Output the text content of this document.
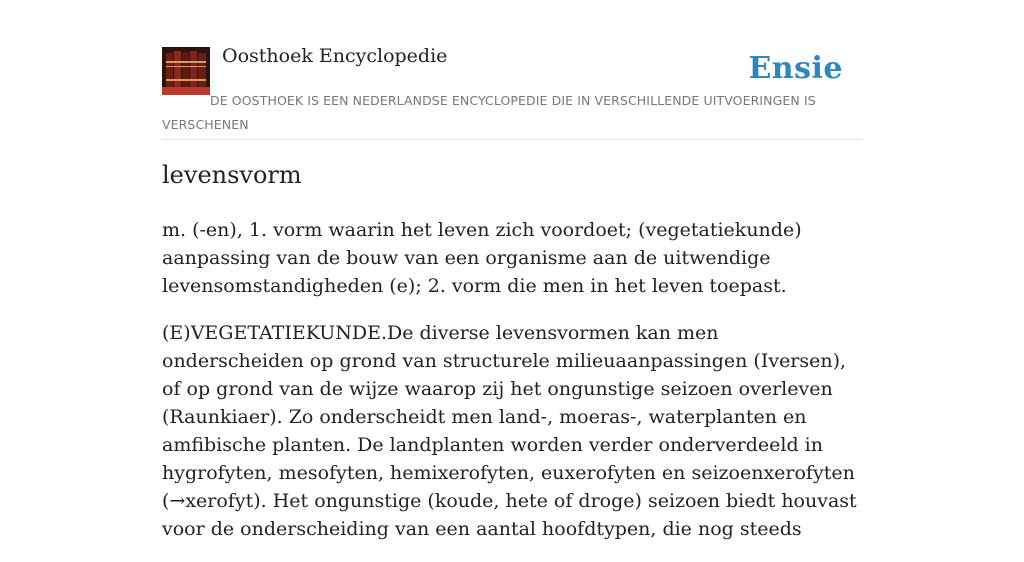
Oosthoek Encyclopedie	Ensie
DE OOSTHOEK IS EEN NEDERLANDSE ENCYCLOPEDIE DIE IN VERSCHILLENDE UITVOERINGEN IS VERSCHENEN
levensvorm

m. (-en), 1. vorm waarin het leven zich voordoet; (vegetatiekunde) aanpassing van de bouw van een organisme aan de uitwendige levensomstandigheden (e); 2. vorm die men in het leven toepast.

(E)VEGETATIEKUNDE.De diverse levensvormen kan men onderscheiden op grond van structurele milieuaanpassingen (Iversen), of op grond van de wijze waarop zij het ongunstige seizoen overleven (Raunkiaer). Zo onderscheidt men land-, moeras-, waterplanten en amfibische planten. De landplanten worden verder onderverdeeld in hygrofyten, mesofyten, hemixerofyten, euxerofyten en seizoenxerofyten (→xerofyt). Het ongunstige (koude, hete of droge) seizoen biedt houvast voor de onderscheiding van een aantal hoofdtypen, die nog steeds
